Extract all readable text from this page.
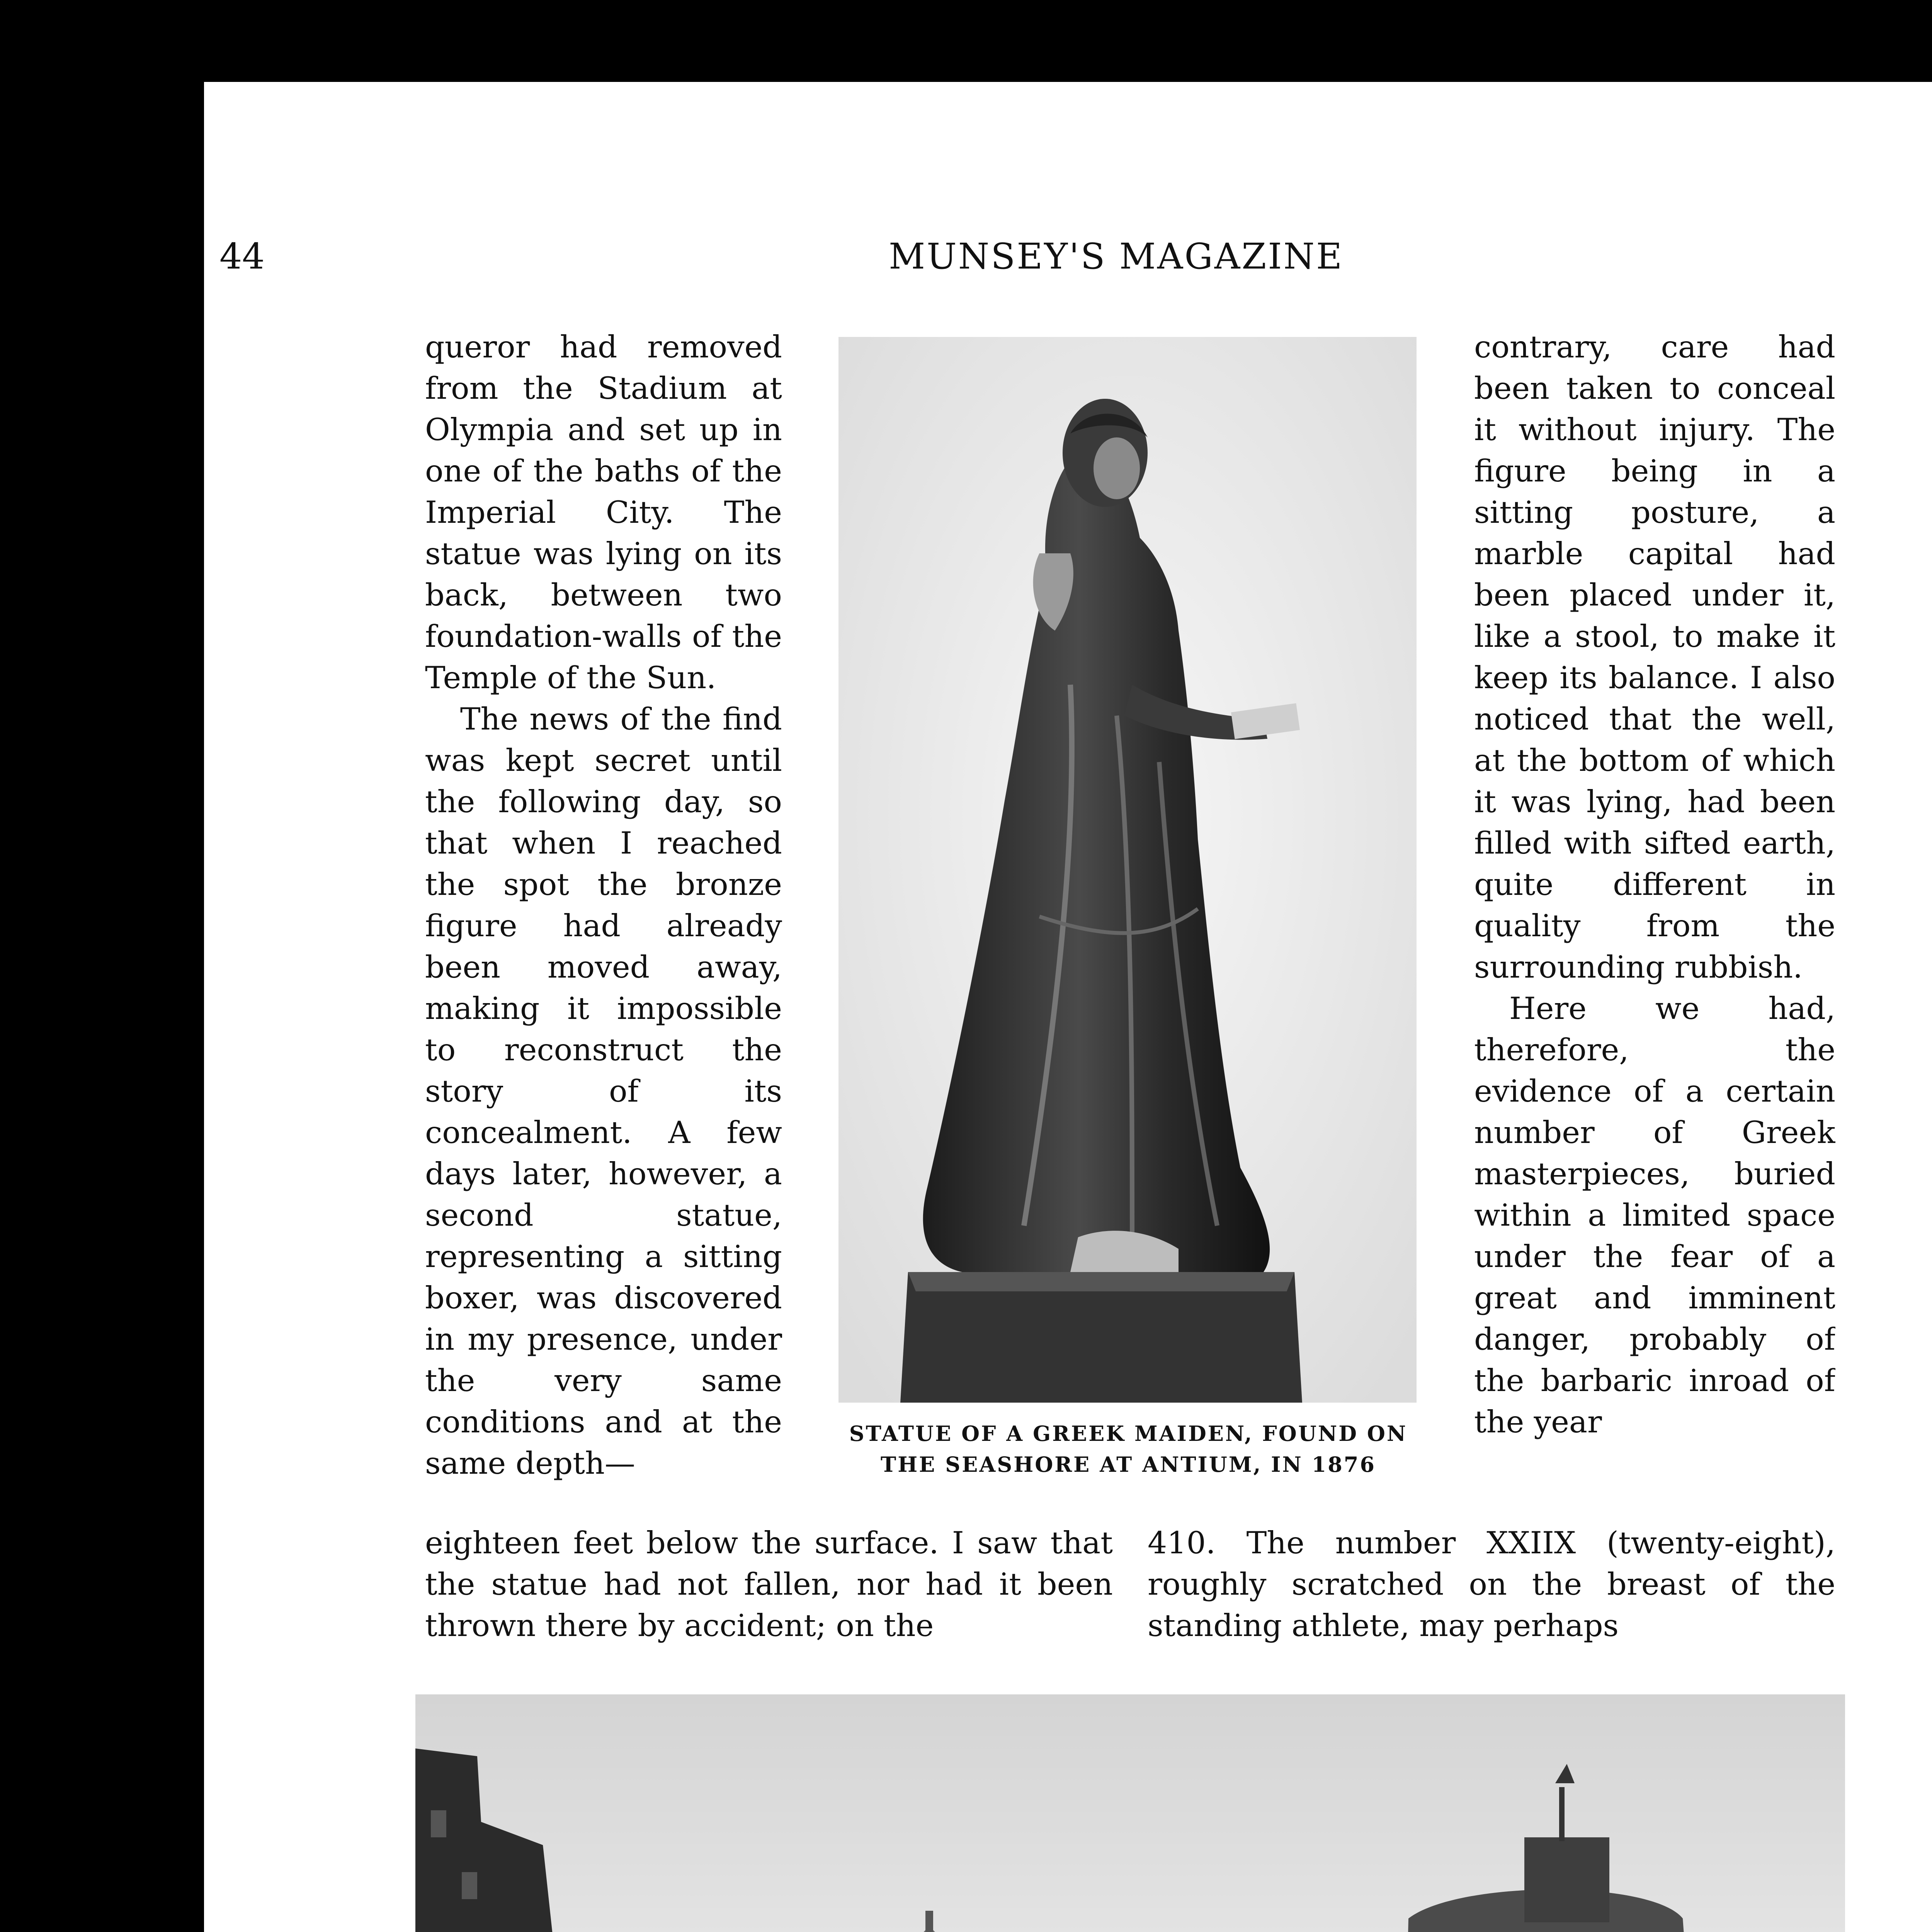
44	MUNSEY'S MAGAZINE

queror had removed from the Stadium at Olympia and set up in one of the baths of the Imperial City. The statue was lying on its back, between two foundation-walls of the Temple of the Sun.

The news of the find was kept secret until the following day, so that when I reached the spot the bronze figure had already been moved away, making it impossible to reconstruct the story of its concealment. A few days later, however, a second statue, representing a sitting boxer, was discovered in my presence, under the very same conditions and at the same depth—

STATUE OF A GREEK MAIDEN, FOUND ON THE SEASHORE AT ANTIUM, IN 1876

contrary, care had been taken to conceal it without injury. The figure being in a sitting posture, a marble capital had been placed under it, like a stool, to make it keep its balance. I also noticed that the well, at the bottom of which it was lying, had been filled with sifted earth, quite different in quality from the surrounding rubbish.

Here we had, therefore, the evidence of a certain number of Greek masterpieces, buried within a limited space under the fear of a great and imminent danger, probably of the barbaric inroad of the year

eighteen feet below the surface. I saw that the statue had not fallen, nor had it been thrown there by accident; on the
410. The number XXIIX (twenty-eight), roughly scratched on the breast of the standing athlete, may perhaps
